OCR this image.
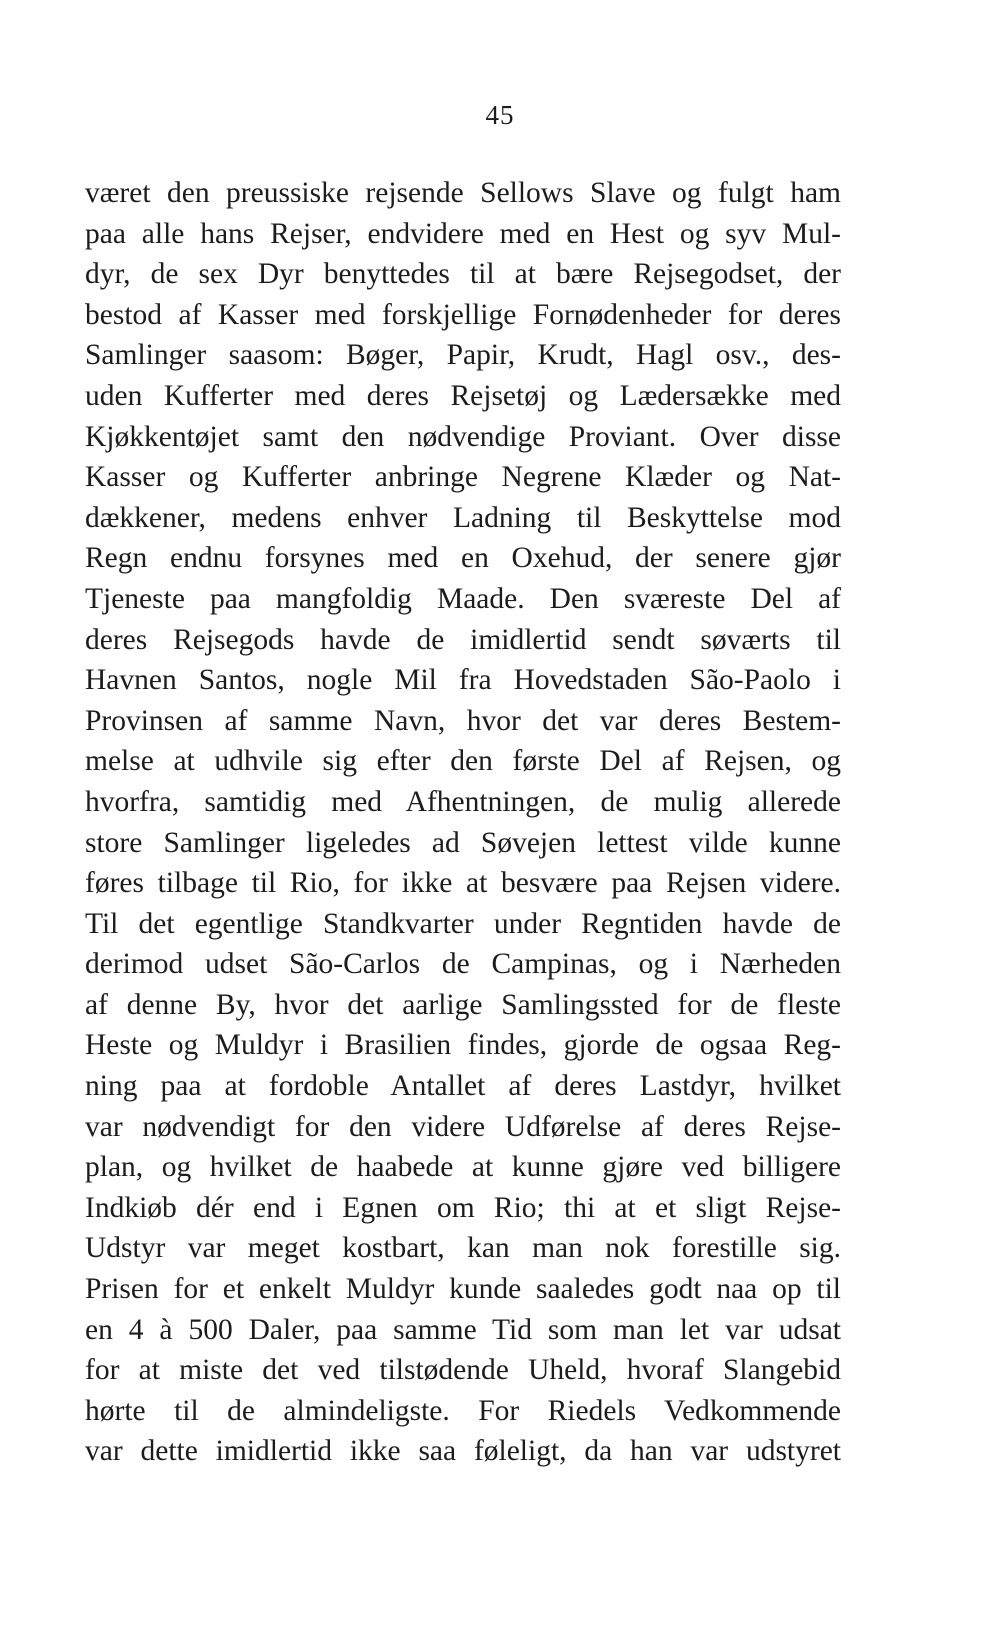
45
været den preussiske rejsende Sellows Slave og fulgt ham
paa alle hans Rejser, endvidere med en Hest og syv Mul-
dyr, de sex Dyr benyttedes til at bære Rejsegodset, der
bestod af Kasser med forskjellige Fornødenheder for deres
Samlinger saasom: Bøger, Papir, Krudt, Hagl osv., des-
uden Kufferter med deres Rejsetøj og Lædersække med
Kjøkkentøjet samt den nødvendige Proviant. Over disse
Kasser og Kufferter anbringe Negrene Klæder og Nat-
dækkener, medens enhver Ladning til Beskyttelse mod
Regn endnu forsynes med en Oxehud, der senere gjør
Tjeneste paa mangfoldig Maade. Den sværeste Del af
deres Rejsegods havde de imidlertid sendt søværts til
Havnen Santos, nogle Mil fra Hovedstaden São-Paolo i
Provinsen af samme Navn, hvor det var deres Bestem-
melse at udhvile sig efter den første Del af Rejsen, og
hvorfra, samtidig med Afhentningen, de mulig allerede
store Samlinger ligeledes ad Søvejen lettest vilde kunne
føres tilbage til Rio, for ikke at besvære paa Rejsen videre.
Til det egentlige Standkvarter under Regntiden havde de
derimod udset São-Carlos de Campinas, og i Nærheden
af denne By, hvor det aarlige Samlingssted for de fleste
Heste og Muldyr i Brasilien findes, gjorde de ogsaa Reg-
ning paa at fordoble Antallet af deres Lastdyr, hvilket
var nødvendigt for den videre Udførelse af deres Rejse-
plan, og hvilket de haabede at kunne gjøre ved billigere
Indkiøb dér end i Egnen om Rio; thi at et sligt Rejse-
Udstyr var meget kostbart, kan man nok forestille sig.
Prisen for et enkelt Muldyr kunde saaledes godt naa op til
en 4 à 500 Daler, paa samme Tid som man let var udsat
for at miste det ved tilstødende Uheld, hvoraf Slangebid
hørte til de almindeligste. For Riedels Vedkommende
var dette imidlertid ikke saa føleligt, da han var udstyret
